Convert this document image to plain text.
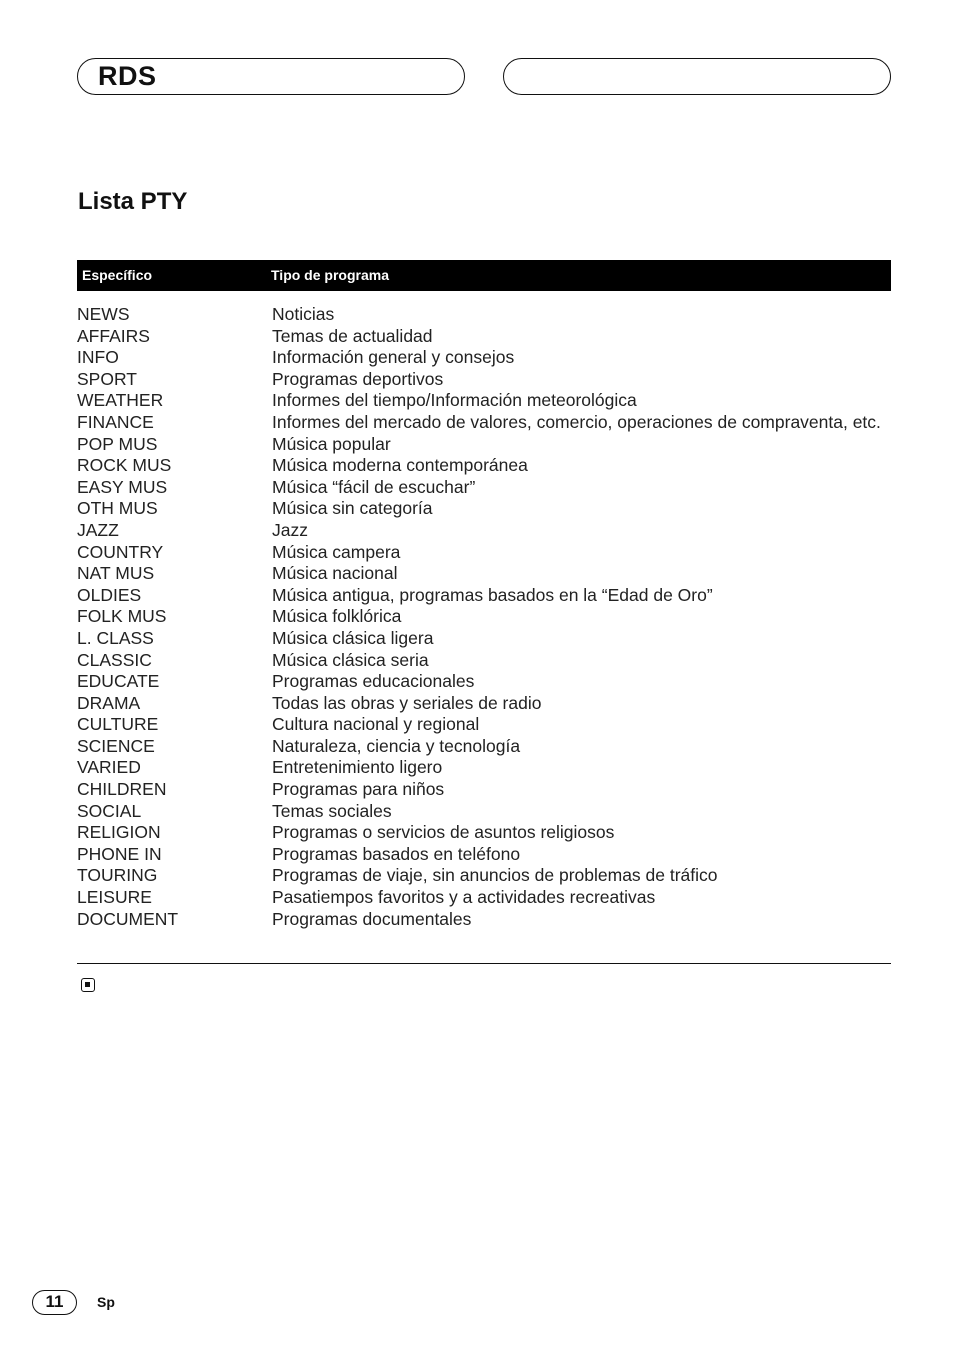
RDS
Lista PTY
Específico	Tipo de programa
NEWS	Noticias
AFFAIRS	Temas de actualidad
INFO	Información general y consejos
SPORT	Programas deportivos
WEATHER	Informes del tiempo/Información meteorológica
FINANCE	Informes del mercado de valores, comercio, operaciones de compraventa, etc.
POP MUS	Música popular
ROCK MUS	Música moderna contemporánea
EASY MUS	Música “fácil de escuchar”
OTH MUS	Música sin categoría
JAZZ	Jazz
COUNTRY	Música campera
NAT MUS	Música nacional
OLDIES	Música antigua, programas basados en la “Edad de Oro”
FOLK MUS	Música folklórica
L. CLASS	Música clásica ligera
CLASSIC	Música clásica seria
EDUCATE	Programas educacionales
DRAMA	Todas las obras y seriales de radio
CULTURE	Cultura nacional y regional
SCIENCE	Naturaleza, ciencia y tecnología
VARIED	Entretenimiento ligero
CHILDREN	Programas para niños
SOCIAL	Temas sociales
RELIGION	Programas o servicios de asuntos religiosos
PHONE IN	Programas basados en teléfono
TOURING	Programas de viaje, sin anuncios de problemas de tráfico
LEISURE	Pasatiempos favoritos y a actividades recreativas
DOCUMENT	Programas documentales
11	Sp
